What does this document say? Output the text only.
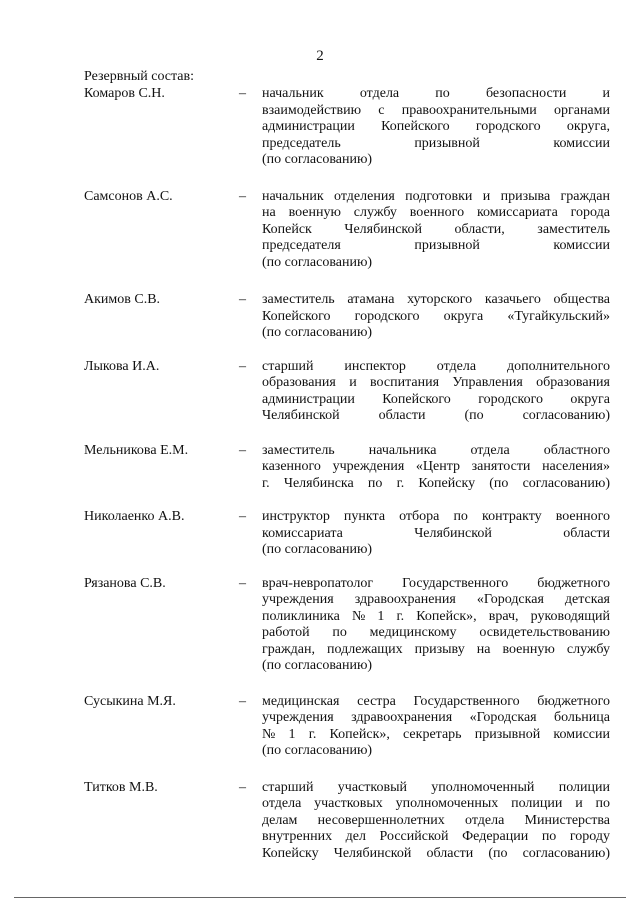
2
Резервный состав:
Комаров С.Н.	– начальник отдела по безопасности и
взаимодействию с правоохранительными органами
администрации Копейского городского округа,
председатель призывной комиссии
(по согласованию)
Самсонов А.С.	– начальник отделения подготовки и призыва граждан
на военную службу военного комиссариата города
Копейск Челябинской области, заместитель
председателя призывной комиссии
(по согласованию)
Акимов С.В.	– заместитель атамана хуторского казачьего общества
Копейского городского округа «Тугайкульский»
(по согласованию)
Лыкова И.А.	– старший инспектор отдела дополнительного
образования и воспитания Управления образования
администрации Копейского городского округа
Челябинской области (по согласованию)
Мельникова Е.М.	– заместитель начальника отдела областного
казенного учреждения «Центр занятости населения»
г. Челябинска по г. Копейску (по согласованию)
Николаенко А.В.	– инструктор пункта отбора по контракту военного
комиссариата Челябинской области
(по согласованию)
Рязанова С.В.	– врач-невропатолог Государственного бюджетного
учреждения здравоохранения «Городская детская
поликлиника № 1 г. Копейск», врач, руководящий
работой по медицинскому освидетельствованию
граждан, подлежащих призыву на военную службу
(по согласованию)
Сусыкина М.Я.	– медицинская сестра Государственного бюджетного
учреждения здравоохранения «Городская больница
№ 1 г. Копейск», секретарь призывной комиссии
(по согласованию)
Титков М.В.	– старший участковый уполномоченный полиции
отдела участковых уполномоченных полиции и по
делам несовершеннолетних отдела Министерства
внутренних дел Российской Федерации по городу
Копейску Челябинской области (по согласованию)
